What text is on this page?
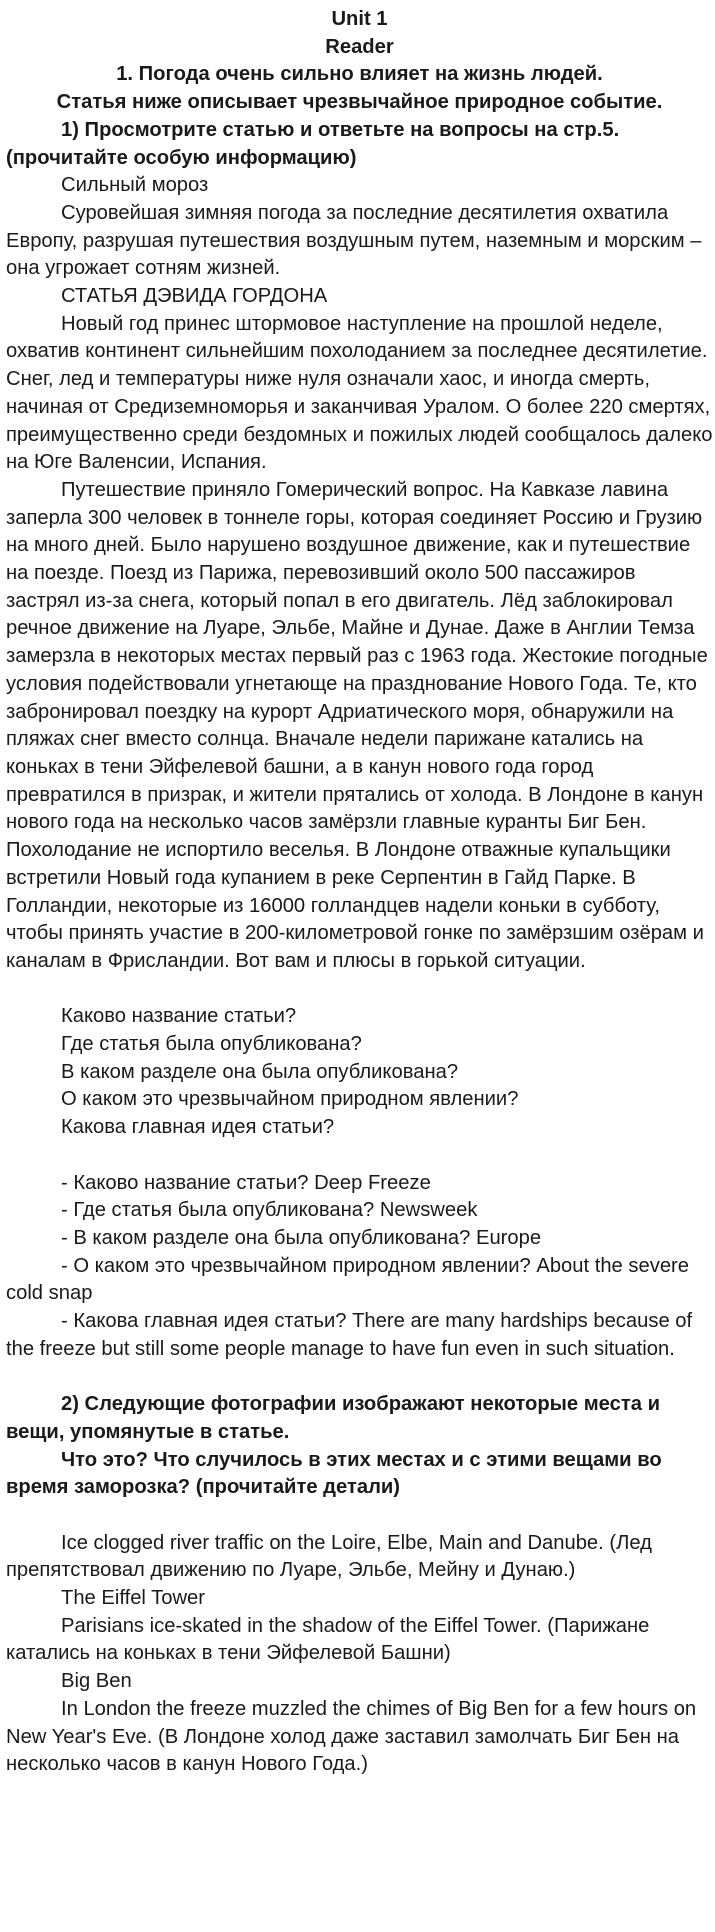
Unit 1

Reader

1. Погода очень сильно влияет на жизнь людей.

Статья ниже описывает чрезвычайное природное событие.

1) Просмотрите статью и ответьте на вопросы на стр.5. (прочитайте особую информацию)

Сильный мороз

Суровейшая зимняя погода за последние десятилетия охватила Европу, разрушая путешествия воздушным путем, наземным и морским – она угрожает сотням жизней.

СТАТЬЯ ДЭВИДА ГОРДОНА

Новый год принес штормовое наступление на прошлой неделе, охватив континент сильнейшим похолоданием за последнее десятилетие. Снег, лед и температуры ниже нуля означали хаос, и иногда смерть, начиная от Средиземноморья и заканчивая Уралом. О более 220 смертях, преимущественно среди бездомных и пожилых людей сообщалось далеко на Юге Валенсии, Испания.

Путешествие приняло Гомерический вопрос. На Кавказе лавина заперла 300 человек в тоннеле горы, которая соединяет Россию и Грузию на много дней. Было нарушено воздушное движение, как и путешествие на поезде. Поезд из Парижа, перевозивший около 500 пассажиров застрял из-за снега, который попал в его двигатель. Лёд заблокировал речное движение на Луаре, Эльбе, Майне и Дунае. Даже в Англии Темза замерзла в некоторых местах первый раз с 1963 года. Жестокие погодные условия подействовали угнетающе на празднование Нового Года. Те, кто забронировал поездку на курорт Адриатического моря, обнаружили на пляжах снег вместо солнца. Вначале недели парижане катались на коньках в тени Эйфелевой башни, а в канун нового года город превратился в призрак, и жители прятались от холода. В Лондоне в канун нового года на несколько часов замёрзли главные куранты Биг Бен. Похолодание не испортило веселья. В Лондоне отважные купальщики встретили Новый года купанием в реке Серпентин в Гайд Парке. В Голландии, некоторые из 16000 голландцев надели коньки в субботу, чтобы принять участие в 200-километровой гонке по замёрзшим озёрам и каналам в Фрисландии. Вот вам и плюсы в горькой ситуации.

Каково название статьи?

Где статья была опубликована?

В каком разделе она была опубликована?

О каком это чрезвычайном природном явлении?

Какова главная идея статьи?

- Каково название статьи? Deep Freeze

- Где статья была опубликована? Newsweek

- В каком разделе она была опубликована? Europe

- О каком это чрезвычайном природном явлении? About the severe cold snap

- Какова главная идея статьи? There are many hardships because of the freeze but still some people manage to have fun even in such situation.

2) Следующие фотографии изображают некоторые места и вещи, упомянутые в статье.

Что это? Что случилось в этих местах и с этими вещами во время заморозка? (прочитайте детали)

Ice clogged river traffic on the Loire, Elbe, Main and Danube. (Лед препятствовал движению по Луаре, Эльбе, Мейну и Дунаю.)

The Eiffel Tower

Parisians ice-skated in the shadow of the Eiffel Tower. (Парижане катались на коньках в тени Эйфелевой Башни)

Big Ben

In London the freeze muzzled the chimes of Big Ben for a few hours on New Year's Eve. (В Лондоне холод даже заставил замолчать Биг Бен на несколько часов в канун Нового Года.)
